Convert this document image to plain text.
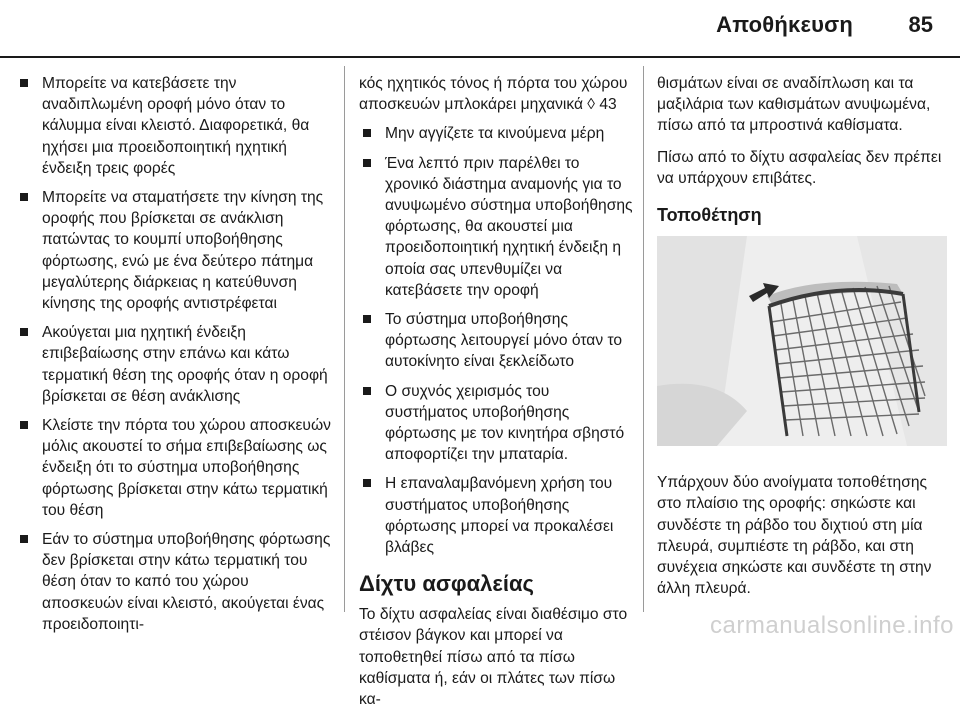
Αποθήκευση	85
Μπορείτε να κατεβάσετε την αναδιπλωμένη οροφή μόνο όταν το κάλυμμα είναι κλειστό. Διαφορετικά, θα ηχήσει μια προειδοποιητική ηχητική ένδειξη τρεις φορές
Μπορείτε να σταματήσετε την κίνηση της οροφής που βρίσκεται σε ανάκλιση πατώντας το κουμπί υποβοήθησης φόρτωσης, ενώ με ένα δεύτερο πάτημα μεγαλύτερης διάρκειας η κατεύθυνση κίνησης της οροφής αντιστρέφεται
Ακούγεται μια ηχητική ένδειξη επιβεβαίωσης στην επάνω και κάτω τερματική θέση της οροφής όταν η οροφή βρίσκεται σε θέση ανάκλισης
Κλείστε την πόρτα του χώρου αποσκευών μόλις ακουστεί το σήμα επιβεβαίωσης ως ένδειξη ότι το σύστημα υποβοήθησης φόρτωσης βρίσκεται στην κάτω τερματική του θέση
Εάν το σύστημα υποβοήθησης φόρτωσης δεν βρίσκεται στην κάτω τερματική του θέση όταν το καπό του χώρου αποσκευών είναι κλειστό, ακούγεται ένας προειδοποιητι-
κός ηχητικός τόνος ή πόρτα του χώρου αποσκευών μπλοκάρει μηχανικά ◊ 43
Μην αγγίζετε τα κινούμενα μέρη
Ένα λεπτό πριν παρέλθει το χρονικό διάστημα αναμονής για το ανυψωμένο σύστημα υποβοήθησης φόρτωσης, θα ακουστεί μια προειδοποιητική ηχητική ένδειξη η οποία σας υπενθυμίζει να κατεβάσετε την οροφή
Το σύστημα υποβοήθησης φόρτωσης λειτουργεί μόνο όταν το αυτοκίνητο είναι ξεκλείδωτο
Ο συχνός χειρισμός του συστήματος υποβοήθησης φόρτωσης με τον κινητήρα σβηστό αποφορτίζει την μπαταρία.
Η επαναλαμβανόμενη χρήση του συστήματος υποβοήθησης φόρτωσης μπορεί να προκαλέσει βλάβες
Δίχτυ ασφαλείας
Το δίχτυ ασφαλείας είναι διαθέσιμο στο στέισον βάγκον και μπορεί να τοποθετηθεί πίσω από τα πίσω καθίσματα ή, εάν οι πλάτες των πίσω κα-
θισμάτων είναι σε αναδίπλωση και τα μαξιλάρια των καθισμάτων ανυψωμένα, πίσω από τα μπροστινά καθίσματα.
Πίσω από το δίχτυ ασφαλείας δεν πρέπει να υπάρχουν επιβάτες.
Τοποθέτηση
Υπάρχουν δύο ανοίγματα τοποθέτησης στο πλαίσιο της οροφής: σηκώστε και συνδέστε τη ράβδο του διχτιού στη μία πλευρά, συμπιέστε τη ράβδο, και στη συνέχεια σηκώστε και συνδέστε τη στην άλλη πλευρά.
carmanualsonline.info
